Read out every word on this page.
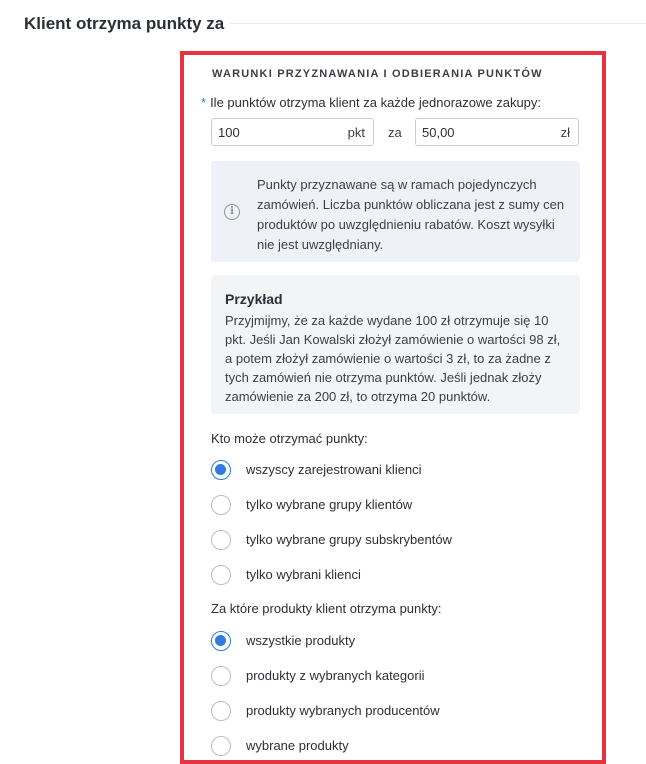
Klient otrzyma punkty za
WARUNKI PRZYZNAWANIA I ODBIERANIA PUNKTÓW
* Ile punktów otrzyma klient za każde jednorazowe zakupy:
100	pkt za 50,00	zł
i
Punkty przyznawane są w ramach pojedynczych zamówień. Liczba punktów obliczana jest z sumy cen produktów po uwzględnieniu rabatów. Koszt wysyłki nie jest uwzględniany.
Przykład
Przyjmijmy, że za każde wydane 100 zł otrzymuje się 10 pkt. Jeśli Jan Kowalski złożył zamówienie o wartości 98 zł, a potem złożył zamówienie o wartości 3 zł, to za żadne z tych zamówień nie otrzyma punktów. Jeśli jednak złoży zamówienie za 200 zł, to otrzyma 20 punktów.
Kto może otrzymać punkty:
wszyscy zarejestrowani klienci
tylko wybrane grupy klientów
tylko wybrane grupy subskrybentów
tylko wybrani klienci
Za które produkty klient otrzyma punkty:
wszystkie produkty
produkty z wybranych kategorii
produkty wybranych producentów
wybrane produkty
